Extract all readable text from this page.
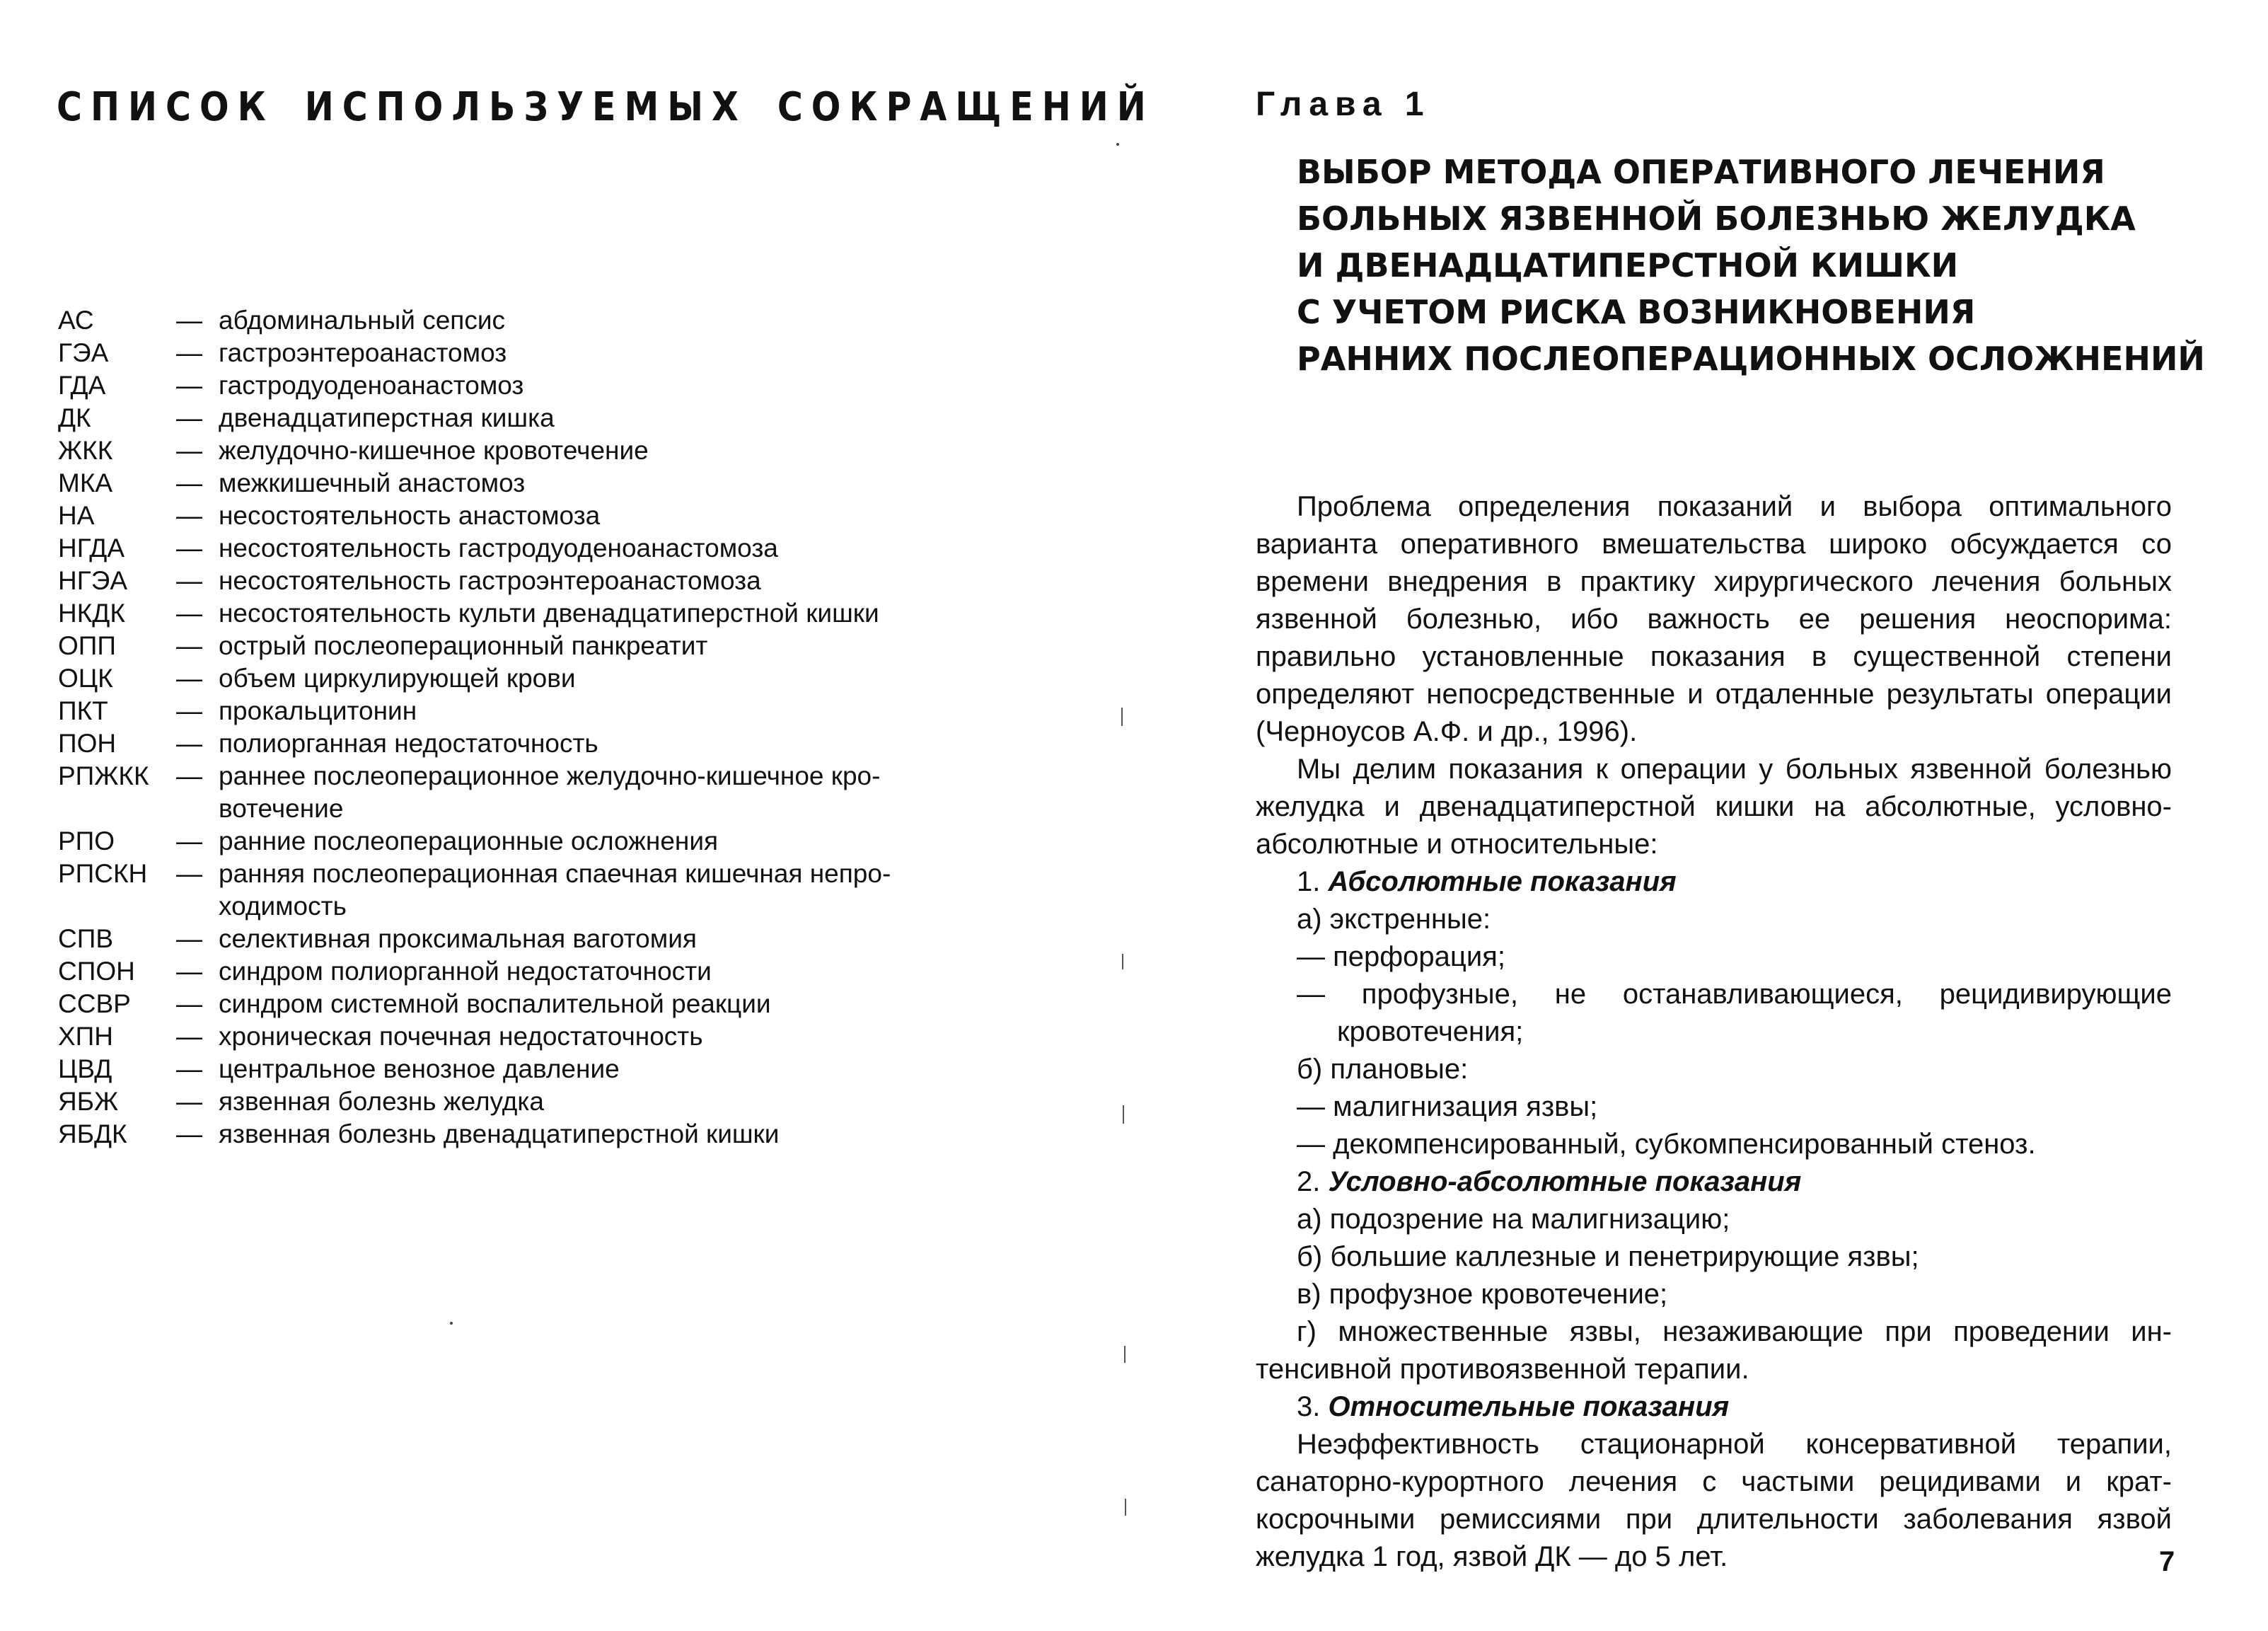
СПИСОК ИСПОЛЬЗУЕМЫХ СОКРАЩЕНИЙ
АС	— абдоминальный сепсис
ГЭА	— гастроэнтероанастомоз
ГДА	— гастродуоденоанастомоз
ДК	— двенадцатиперстная кишка
ЖКК	— желудочно-кишечное кровотечение
МКА	— межкишечный анастомоз
НА	— несостоятельность анастомоза
НГДА	— несостоятельность гастродуоденоанастомоза
НГЭА	— несостоятельность гастроэнтероанастомоза
НКДК	— несостоятельность культи двенадцатиперстной кишки
ОПП	— острый послеоперационный панкреатит
ОЦК	— объем циркулирующей крови
ПКТ	— прокальцитонин
ПОН	— полиорганная недостаточность
РПЖКК	— раннее послеоперационное желудочно-кишечное кро-
вотечение
РПО	— ранние послеоперационные осложнения
РПСКН	— ранняя послеоперационная спаечная кишечная непро-
ходимость
СПВ	— селективная проксимальная ваготомия
СПОН	— синдром полиорганной недостаточности
ССВР	— синдром системной воспалительной реакции
ХПН	— хроническая почечная недостаточность
ЦВД	— центральное венозное давление
ЯБЖ	— язвенная болезнь желудка
ЯБДК	— язвенная болезнь двенадцатиперстной кишки
Глава 1
ВЫБОР МЕТОДА ОПЕРАТИВНОГО ЛЕЧЕНИЯ
БОЛЬНЫХ ЯЗВЕННОЙ БОЛЕЗНЬЮ ЖЕЛУДКА
И ДВЕНАДЦАТИПЕРСТНОЙ КИШКИ
С УЧЕТОМ РИСКА ВОЗНИКНОВЕНИЯ
РАННИХ ПОСЛЕОПЕРАЦИОННЫХ ОСЛОЖНЕНИЙ

Проблема определения показаний и выбора оптимального варианта оперативного вмешательства широко обсуждается со времени внедрения в практику хирургического лечения больных язвенной болезнью, ибо важность ее решения неоспорима: правильно установленные показания в существенной степени определяют непосредственные и отдаленные результаты операции (Черноусов А.Ф. и др., 1996).

Мы делим показания к операции у больных язвенной болезнью желудка и двенадцатиперстной кишки на абсолютные, условно-абсолютные и относительные:

1. Абсолютные показания
а) экстренные:
— перфорация;
— профузные, не останавливающиеся, рецидивирующие кровотечения;
б) плановые:
— малигнизация язвы;
— декомпенсированный, субкомпенсированный стеноз.
2. Условно-абсолютные показания
а) подозрение на малигнизацию;
б) большие каллезные и пенетрирующие язвы;
в) профузное кровотечение;

г) множественные язвы, незаживающие при проведении интенсивной противоязвенной терапии.

3. Относительные показания

Неэффективность стационарной консервативной терапии, санаторно-курортного лечения с частыми рецидивами и краткосрочными ремиссиями при длительности заболевания язвой желудка 1 год, язвой ДК — до 5 лет.	7
